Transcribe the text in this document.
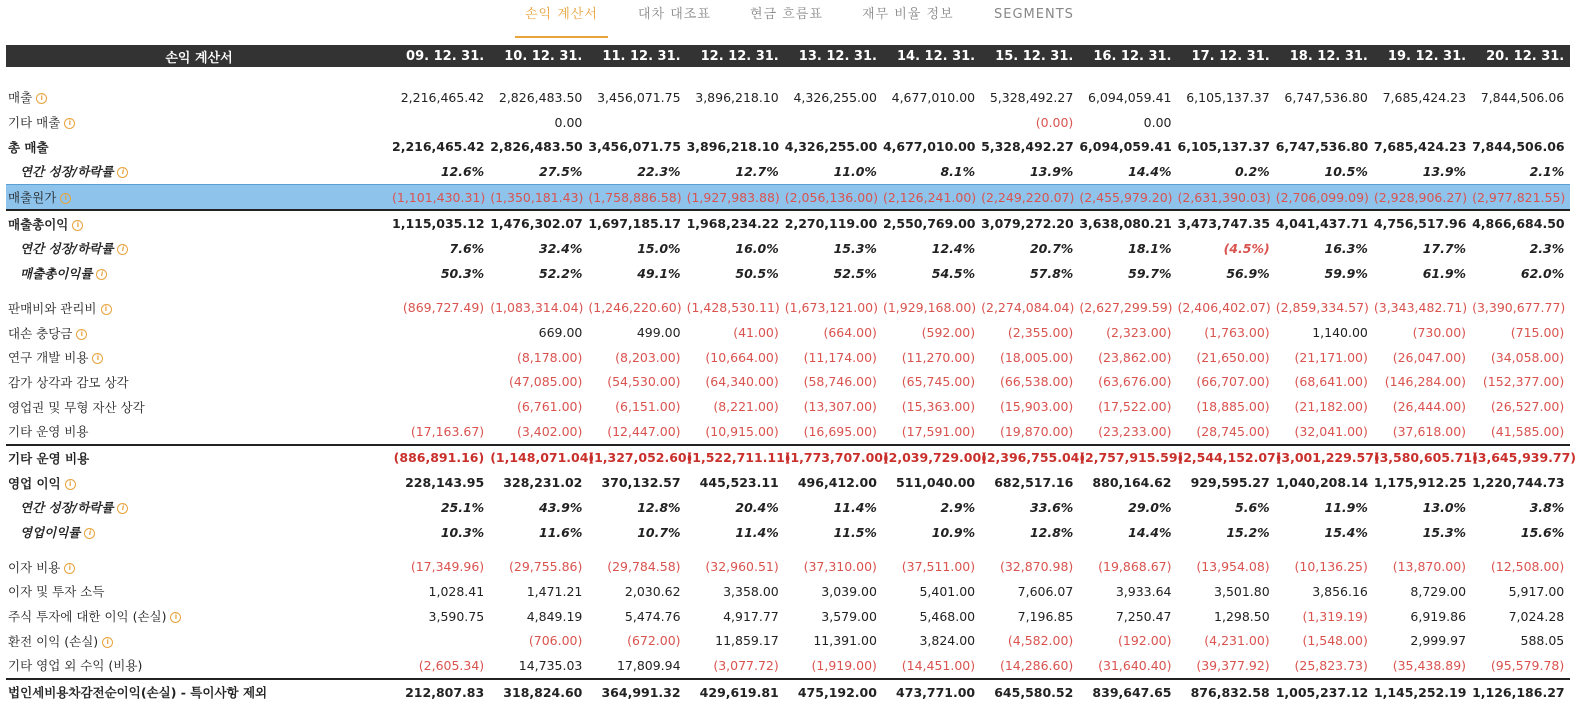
손익 계산서	대차 대조표	현금 흐름표	재무 비율 정보	SEGMENTS
손익 계산서	09. 12. 31.	10. 12. 31.	11. 12. 31.	12. 12. 31.	13. 12. 31.	14. 12. 31.	15. 12. 31.	16. 12. 31.	17. 12. 31.	18. 12. 31.	19. 12. 31.	20. 12. 31.

매출 i	2,216,465.42	2,826,483.50	3,456,071.75	3,896,218.10	4,326,255.00	4,677,010.00	5,328,492.27	6,094,059.41	6,105,137.37	6,747,536.80	7,685,424.23	7,844,506.06
기타 매출 i		0.00					(0.00)	0.00				
총 매출	2,216,465.42	2,826,483.50	3,456,071.75	3,896,218.10	4,326,255.00	4,677,010.00	5,328,492.27	6,094,059.41	6,105,137.37	6,747,536.80	7,685,424.23	7,844,506.06
연간 성장/하락률 i	12.6%	27.5%	22.3%	12.7%	11.0%	8.1%	13.9%	14.4%	0.2%	10.5%	13.9%	2.1%
매출원가 i	(1,101,430.31)	(1,350,181.43)	(1,758,886.58)	(1,927,983.88)	(2,056,136.00)	(2,126,241.00)	(2,249,220.07)	(2,455,979.20)	(2,631,390.03)	(2,706,099.09)	(2,928,906.27)	(2,977,821.55)
매출총이익 i	1,115,035.12	1,476,302.07	1,697,185.17	1,968,234.22	2,270,119.00	2,550,769.00	3,079,272.20	3,638,080.21	3,473,747.35	4,041,437.71	4,756,517.96	4,866,684.50
연간 성장/하락률 i	7.6%	32.4%	15.0%	16.0%	15.3%	12.4%	20.7%	18.1%	(4.5%)	16.3%	17.7%	2.3%
매출총이익률 i	50.3%	52.2%	49.1%	50.5%	52.5%	54.5%	57.8%	59.7%	56.9%	59.9%	61.9%	62.0%

판매비와 관리비 i	(869,727.49)	(1,083,314.04)	(1,246,220.60)	(1,428,530.11)	(1,673,121.00)	(1,929,168.00)	(2,274,084.04)	(2,627,299.59)	(2,406,402.07)	(2,859,334.57)	(3,343,482.71)	(3,390,677.77)
대손 충당금 i		669.00	499.00	(41.00)	(664.00)	(592.00)	(2,355.00)	(2,323.00)	(1,763.00)	1,140.00	(730.00)	(715.00)
연구 개발 비용 i		(8,178.00)	(8,203.00)	(10,664.00)	(11,174.00)	(11,270.00)	(18,005.00)	(23,862.00)	(21,650.00)	(21,171.00)	(26,047.00)	(34,058.00)
감가 상각과 감모 상각		(47,085.00)	(54,530.00)	(64,340.00)	(58,746.00)	(65,745.00)	(66,538.00)	(63,676.00)	(66,707.00)	(68,641.00)	(146,284.00)	(152,377.00)
영업권 및 무형 자산 상각		(6,761.00)	(6,151.00)	(8,221.00)	(13,307.00)	(15,363.00)	(15,903.00)	(17,522.00)	(18,885.00)	(21,182.00)	(26,444.00)	(26,527.00)
기타 운영 비용	(17,163.67)	(3,402.00)	(12,447.00)	(10,915.00)	(16,695.00)	(17,591.00)	(19,870.00)	(23,233.00)	(28,745.00)	(32,041.00)	(37,618.00)	(41,585.00)
기타 운영 비용	(886,891.16)	(1,148,071.04)	(1,327,052.60)	(1,522,711.11)	(1,773,707.00)	(2,039,729.00)	(2,396,755.04)	(2,757,915.59)	(2,544,152.07)	(3,001,229.57)	(3,580,605.71)	(3,645,939.77)
영업 이익 i	228,143.95	328,231.02	370,132.57	445,523.11	496,412.00	511,040.00	682,517.16	880,164.62	929,595.27	1,040,208.14	1,175,912.25	1,220,744.73
연간 성장/하락률 i	25.1%	43.9%	12.8%	20.4%	11.4%	2.9%	33.6%	29.0%	5.6%	11.9%	13.0%	3.8%
영업이익률 i	10.3%	11.6%	10.7%	11.4%	11.5%	10.9%	12.8%	14.4%	15.2%	15.4%	15.3%	15.6%

이자 비용 i	(17,349.96)	(29,755.86)	(29,784.58)	(32,960.51)	(37,310.00)	(37,511.00)	(32,870.98)	(19,868.67)	(13,954.08)	(10,136.25)	(13,870.00)	(12,508.00)
이자 및 투자 소득	1,028.41	1,471.21	2,030.62	3,358.00	3,039.00	5,401.00	7,606.07	3,933.64	3,501.80	3,856.16	8,729.00	5,917.00
주식 투자에 대한 이익 (손실) i	3,590.75	4,849.19	5,474.76	4,917.77	3,579.00	5,468.00	7,196.85	7,250.47	1,298.50	(1,319.19)	6,919.86	7,024.28
환전 이익 (손실) i		(706.00)	(672.00)	11,859.17	11,391.00	3,824.00	(4,582.00)	(192.00)	(4,231.00)	(1,548.00)	2,999.97	588.05
기타 영업 외 수익 (비용)	(2,605.34)	14,735.03	17,809.94	(3,077.72)	(1,919.00)	(14,451.00)	(14,286.60)	(31,640.40)	(39,377.92)	(25,823.73)	(35,438.89)	(95,579.78)
법인세비용차감전순이익(손실) - 특이사항 제외	212,807.83	318,824.60	364,991.32	429,619.81	475,192.00	473,771.00	645,580.52	839,647.65	876,832.58	1,005,237.12	1,145,252.19	1,126,186.27
